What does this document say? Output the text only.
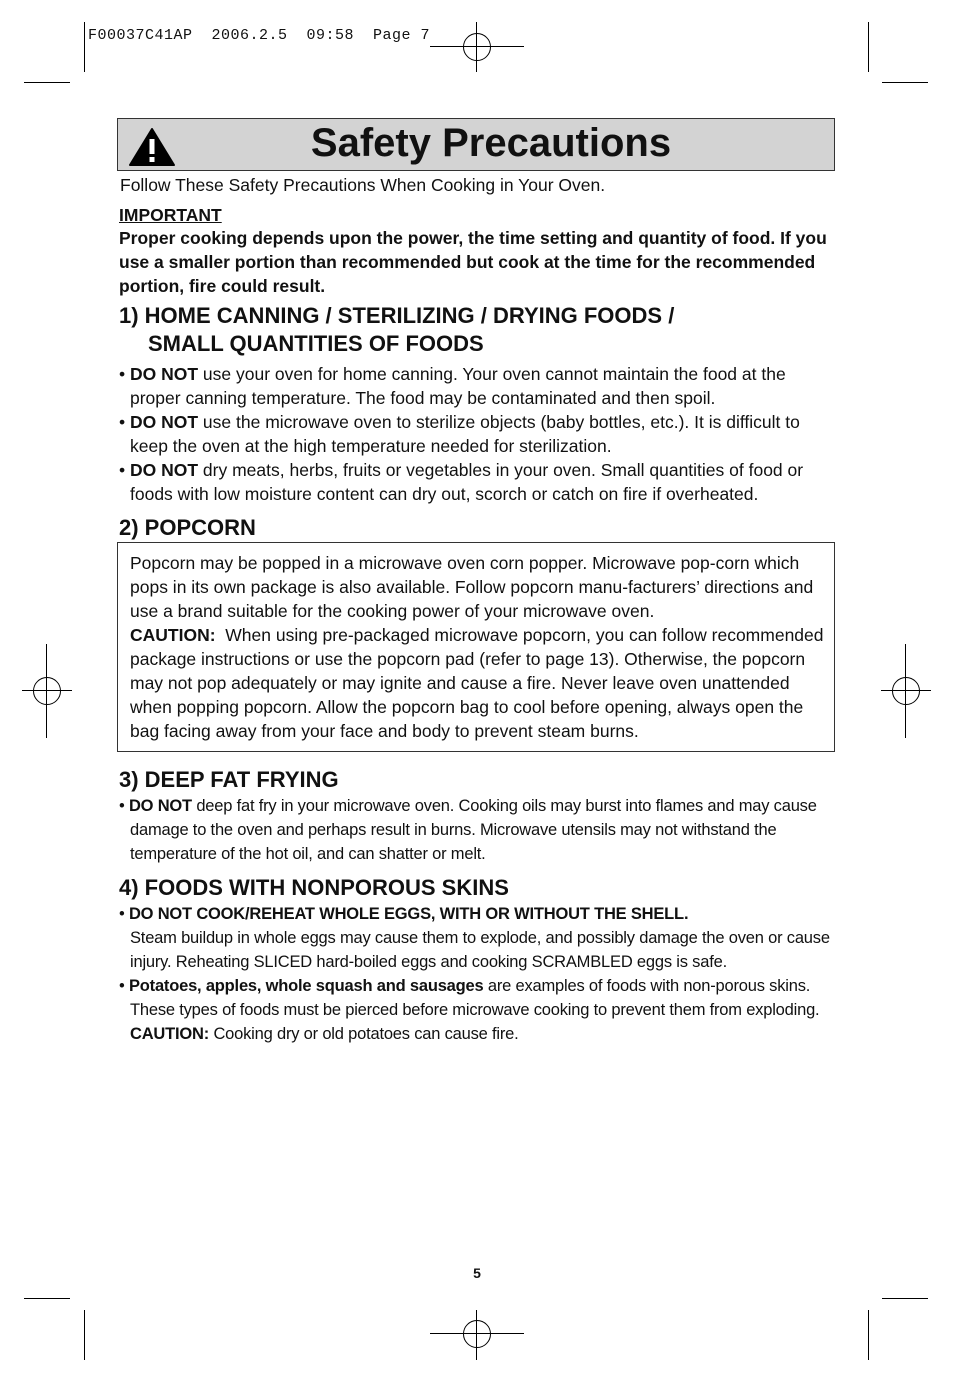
F00037C41AP  2006.2.5  09:58  Page 7
Safety Precautions
Follow These Safety Precautions When Cooking in Your Oven.
IMPORTANT
Proper cooking depends upon the power, the time setting and quantity of food. If you use a smaller portion than recommended but cook at the time for the recommended portion, fire could result.
1) HOME CANNING / STERILIZING / DRYING FOODS /
SMALL QUANTITIES OF FOODS
• DO NOT use your oven for home canning. Your oven cannot maintain the food at the proper canning temperature. The food may be contaminated and then spoil.
• DO NOT use the microwave oven to sterilize objects (baby bottles, etc.). It is difficult to keep the oven at the high temperature needed for sterilization.
• DO NOT dry meats, herbs, fruits or vegetables in your oven. Small quantities of food or foods with low moisture content can dry out, scorch or catch on fire if overheated.
2) POPCORN
Popcorn may be popped in a microwave oven corn popper. Microwave pop-corn which pops in its own package is also available. Follow popcorn manu-facturers’ directions and use a brand suitable for the cooking power of your microwave oven.
CAUTION:  When using pre-packaged microwave popcorn, you can follow recommended package instructions or use the popcorn pad (refer to page 13). Otherwise, the popcorn may not pop adequately or may ignite and cause a fire. Never leave oven unattended when popping popcorn. Allow the popcorn bag to cool before opening, always open the bag facing away from your face and body to prevent steam burns.
3) DEEP FAT FRYING
• DO NOT deep fat fry in your microwave oven. Cooking oils may burst into flames and may cause damage to the oven and perhaps result in burns. Microwave utensils may not withstand the temperature of the hot oil, and can shatter or melt.
4) FOODS WITH NONPOROUS SKINS
• DO NOT COOK/REHEAT WHOLE EGGS, WITH OR WITHOUT THE SHELL.
Steam buildup in whole eggs may cause them to explode, and possibly damage the oven or cause injury. Reheating SLICED hard-boiled eggs and cooking SCRAMBLED eggs is safe.
• Potatoes, apples, whole squash and sausages are examples of foods with non-porous skins. These types of foods must be pierced before microwave cooking to prevent them from exploding.
CAUTION: Cooking dry or old potatoes can cause fire.
5
